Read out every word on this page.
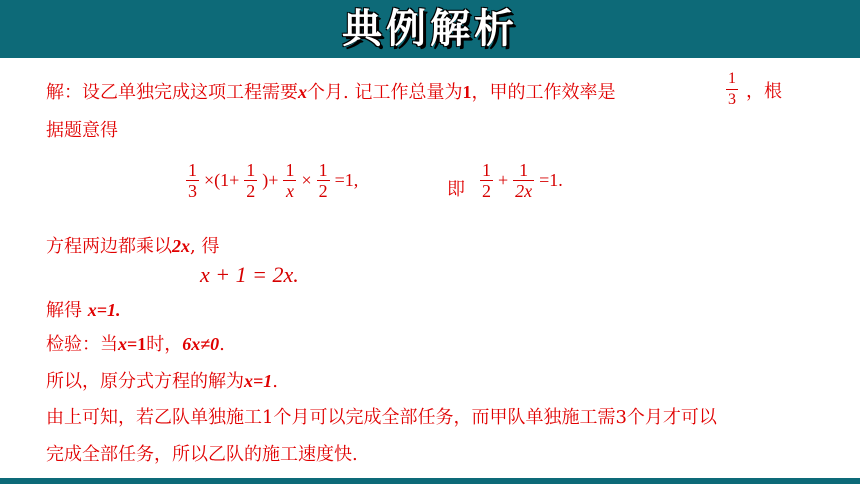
典例解析
解：设乙单独完成这项工程需要x个月. 记工作总量为1，甲的工作效率是	$\frac{1}{3}$ ，根
据题意得
$\frac{1}{3} \times(1+ \frac{1}{2}$ )+ $\frac{1}{x} \times \frac{1}{2} =1$,	即 $\frac{1}{2} + \frac{1}{2x} =1$.
方程两边都乘以2x, 得
x + 1 = 2x.
解得 x=1.
检验：当x=1时，6x≠0.
所以，原分式方程的解为x=1.
由上可知，若乙队单独施工1个月可以完成全部任务，而甲队单独施工需3个月才可以
完成全部任务，所以乙队的施工速度快.
